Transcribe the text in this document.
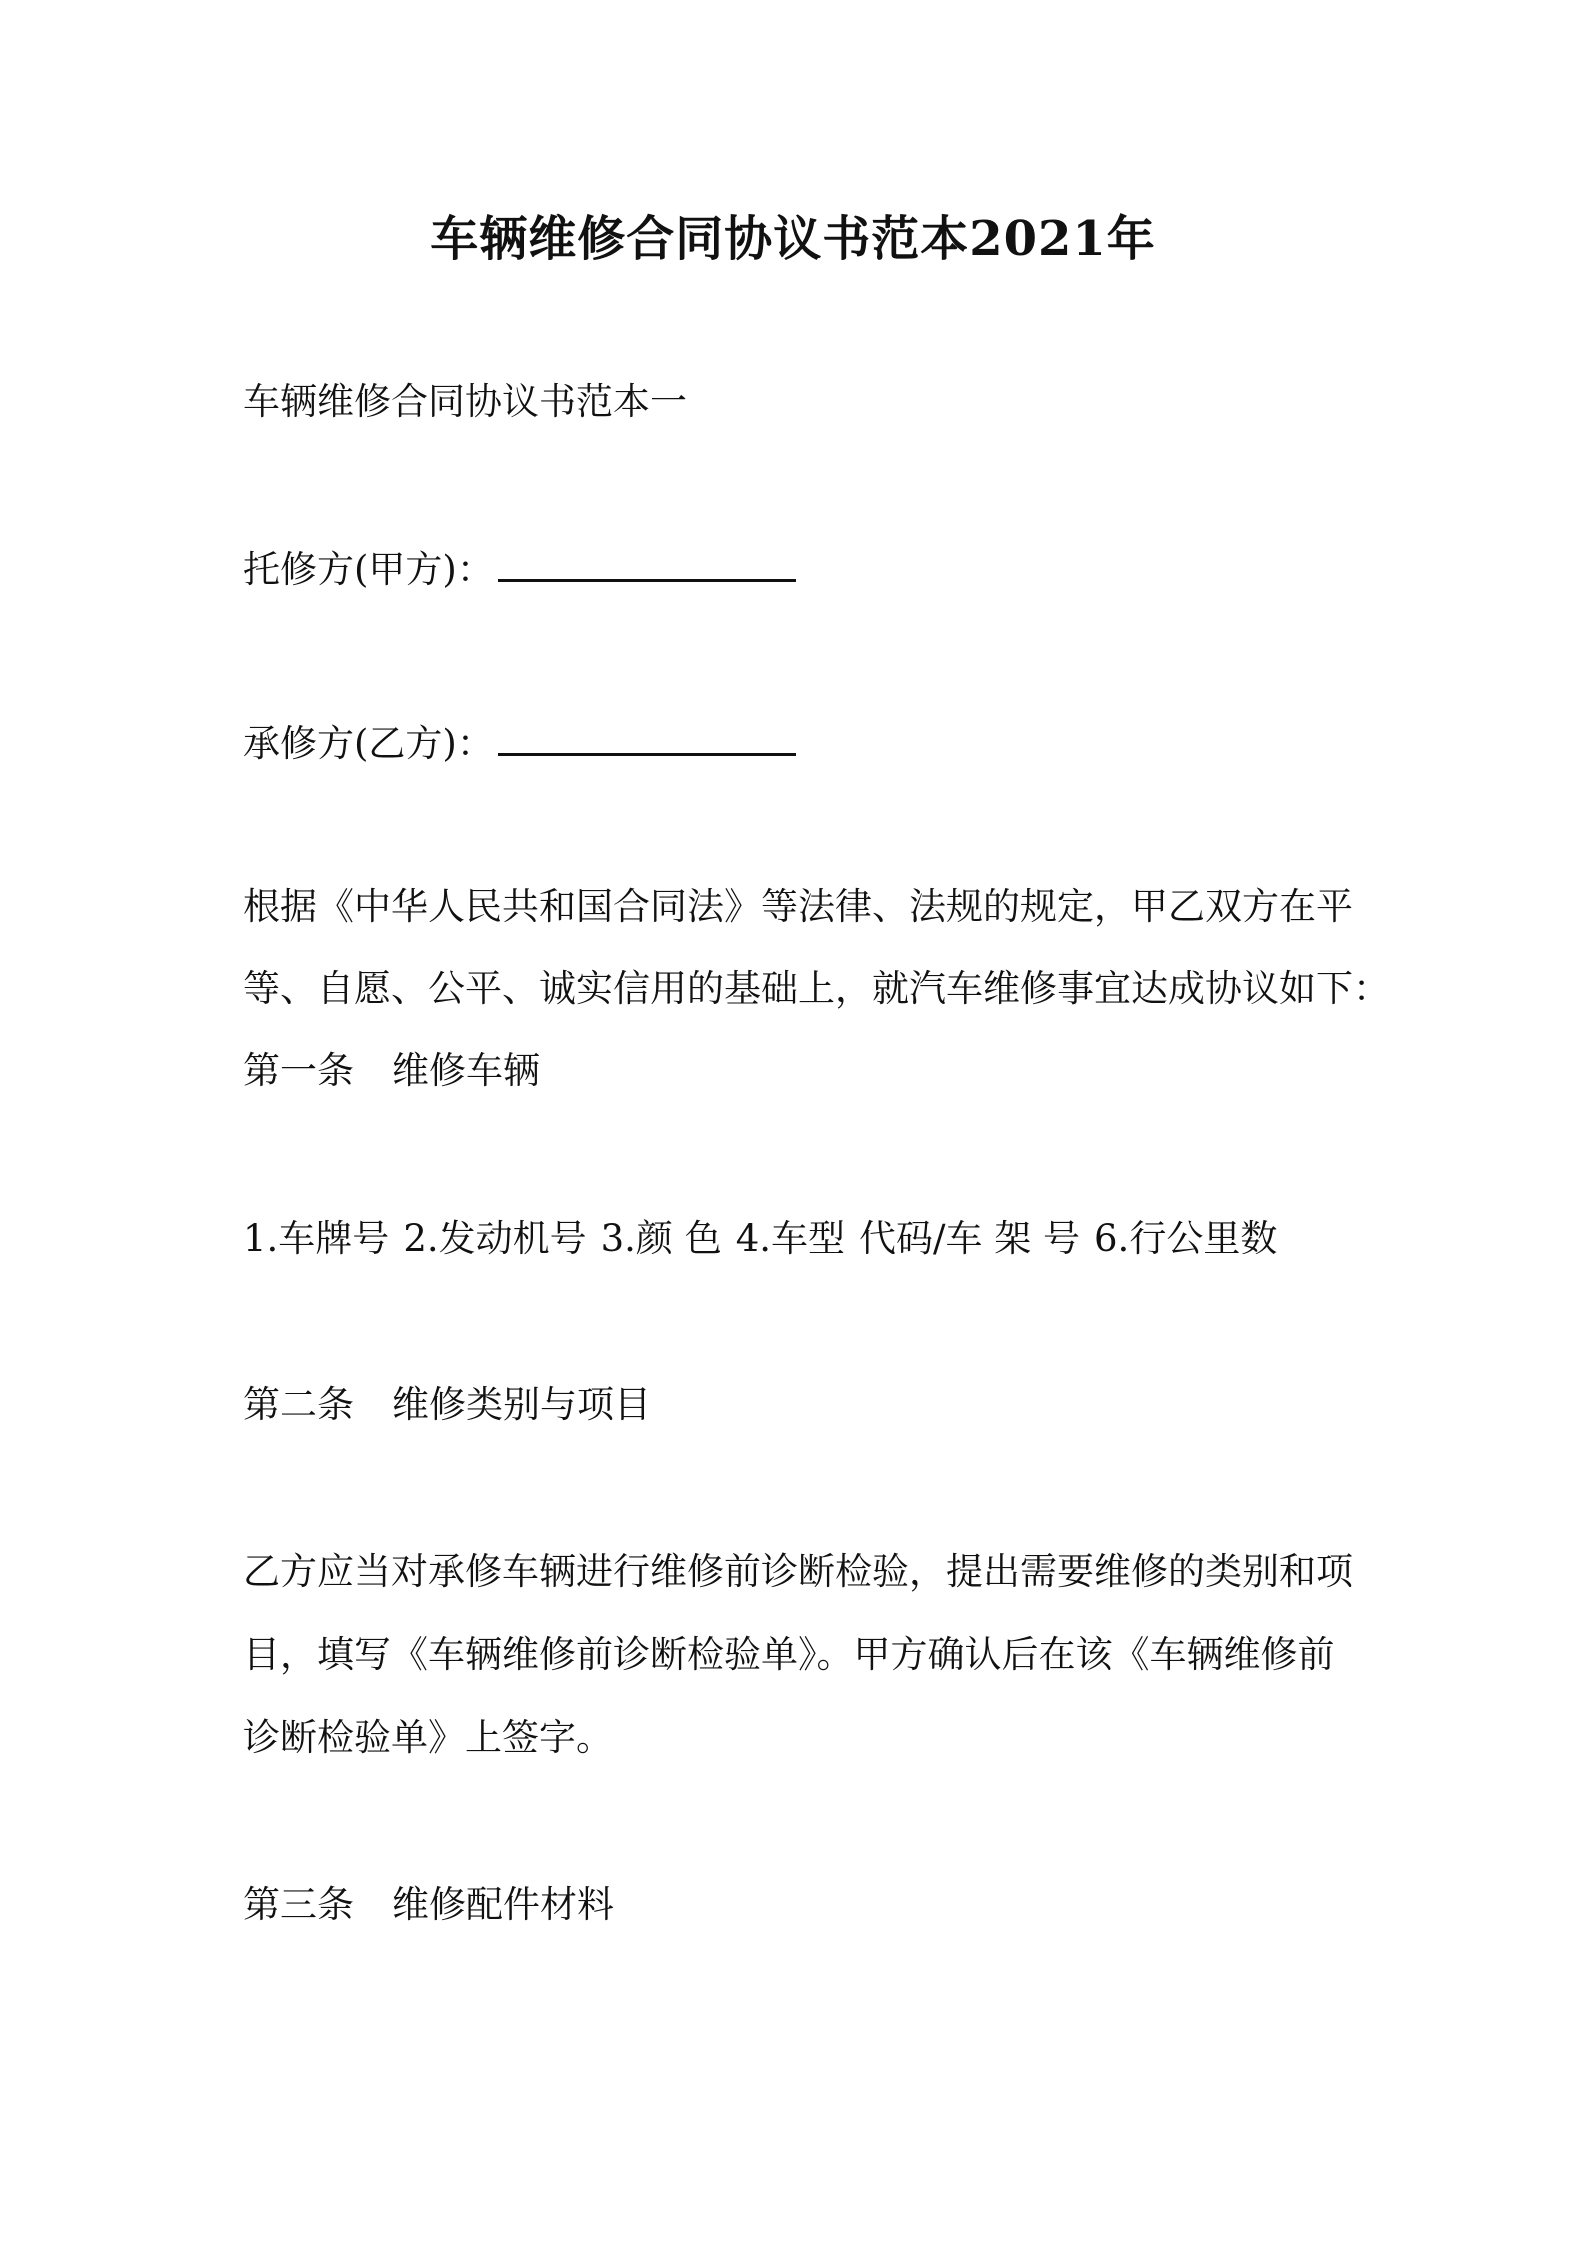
车辆维修合同协议书范本2021年

车辆维修合同协议书范本一

托修方(甲方)：

承修方(乙方)：

根据《中华人民共和国合同法》等法律、法规的规定，甲乙双方在平

等、自愿、公平、诚实信用的基础上，就汽车维修事宜达成协议如下：

第一条 维修车辆

1.车牌号 2.发动机号 3.颜 色 4.车型 代码/车 架 号 6.行公里数

第二条 维修类别与项目

乙方应当对承修车辆进行维修前诊断检验，提出需要维修的类别和项

目，填写《车辆维修前诊断检验单》。甲方确认后在该《车辆维修前

诊断检验单》上签字。

第三条 维修配件材料
